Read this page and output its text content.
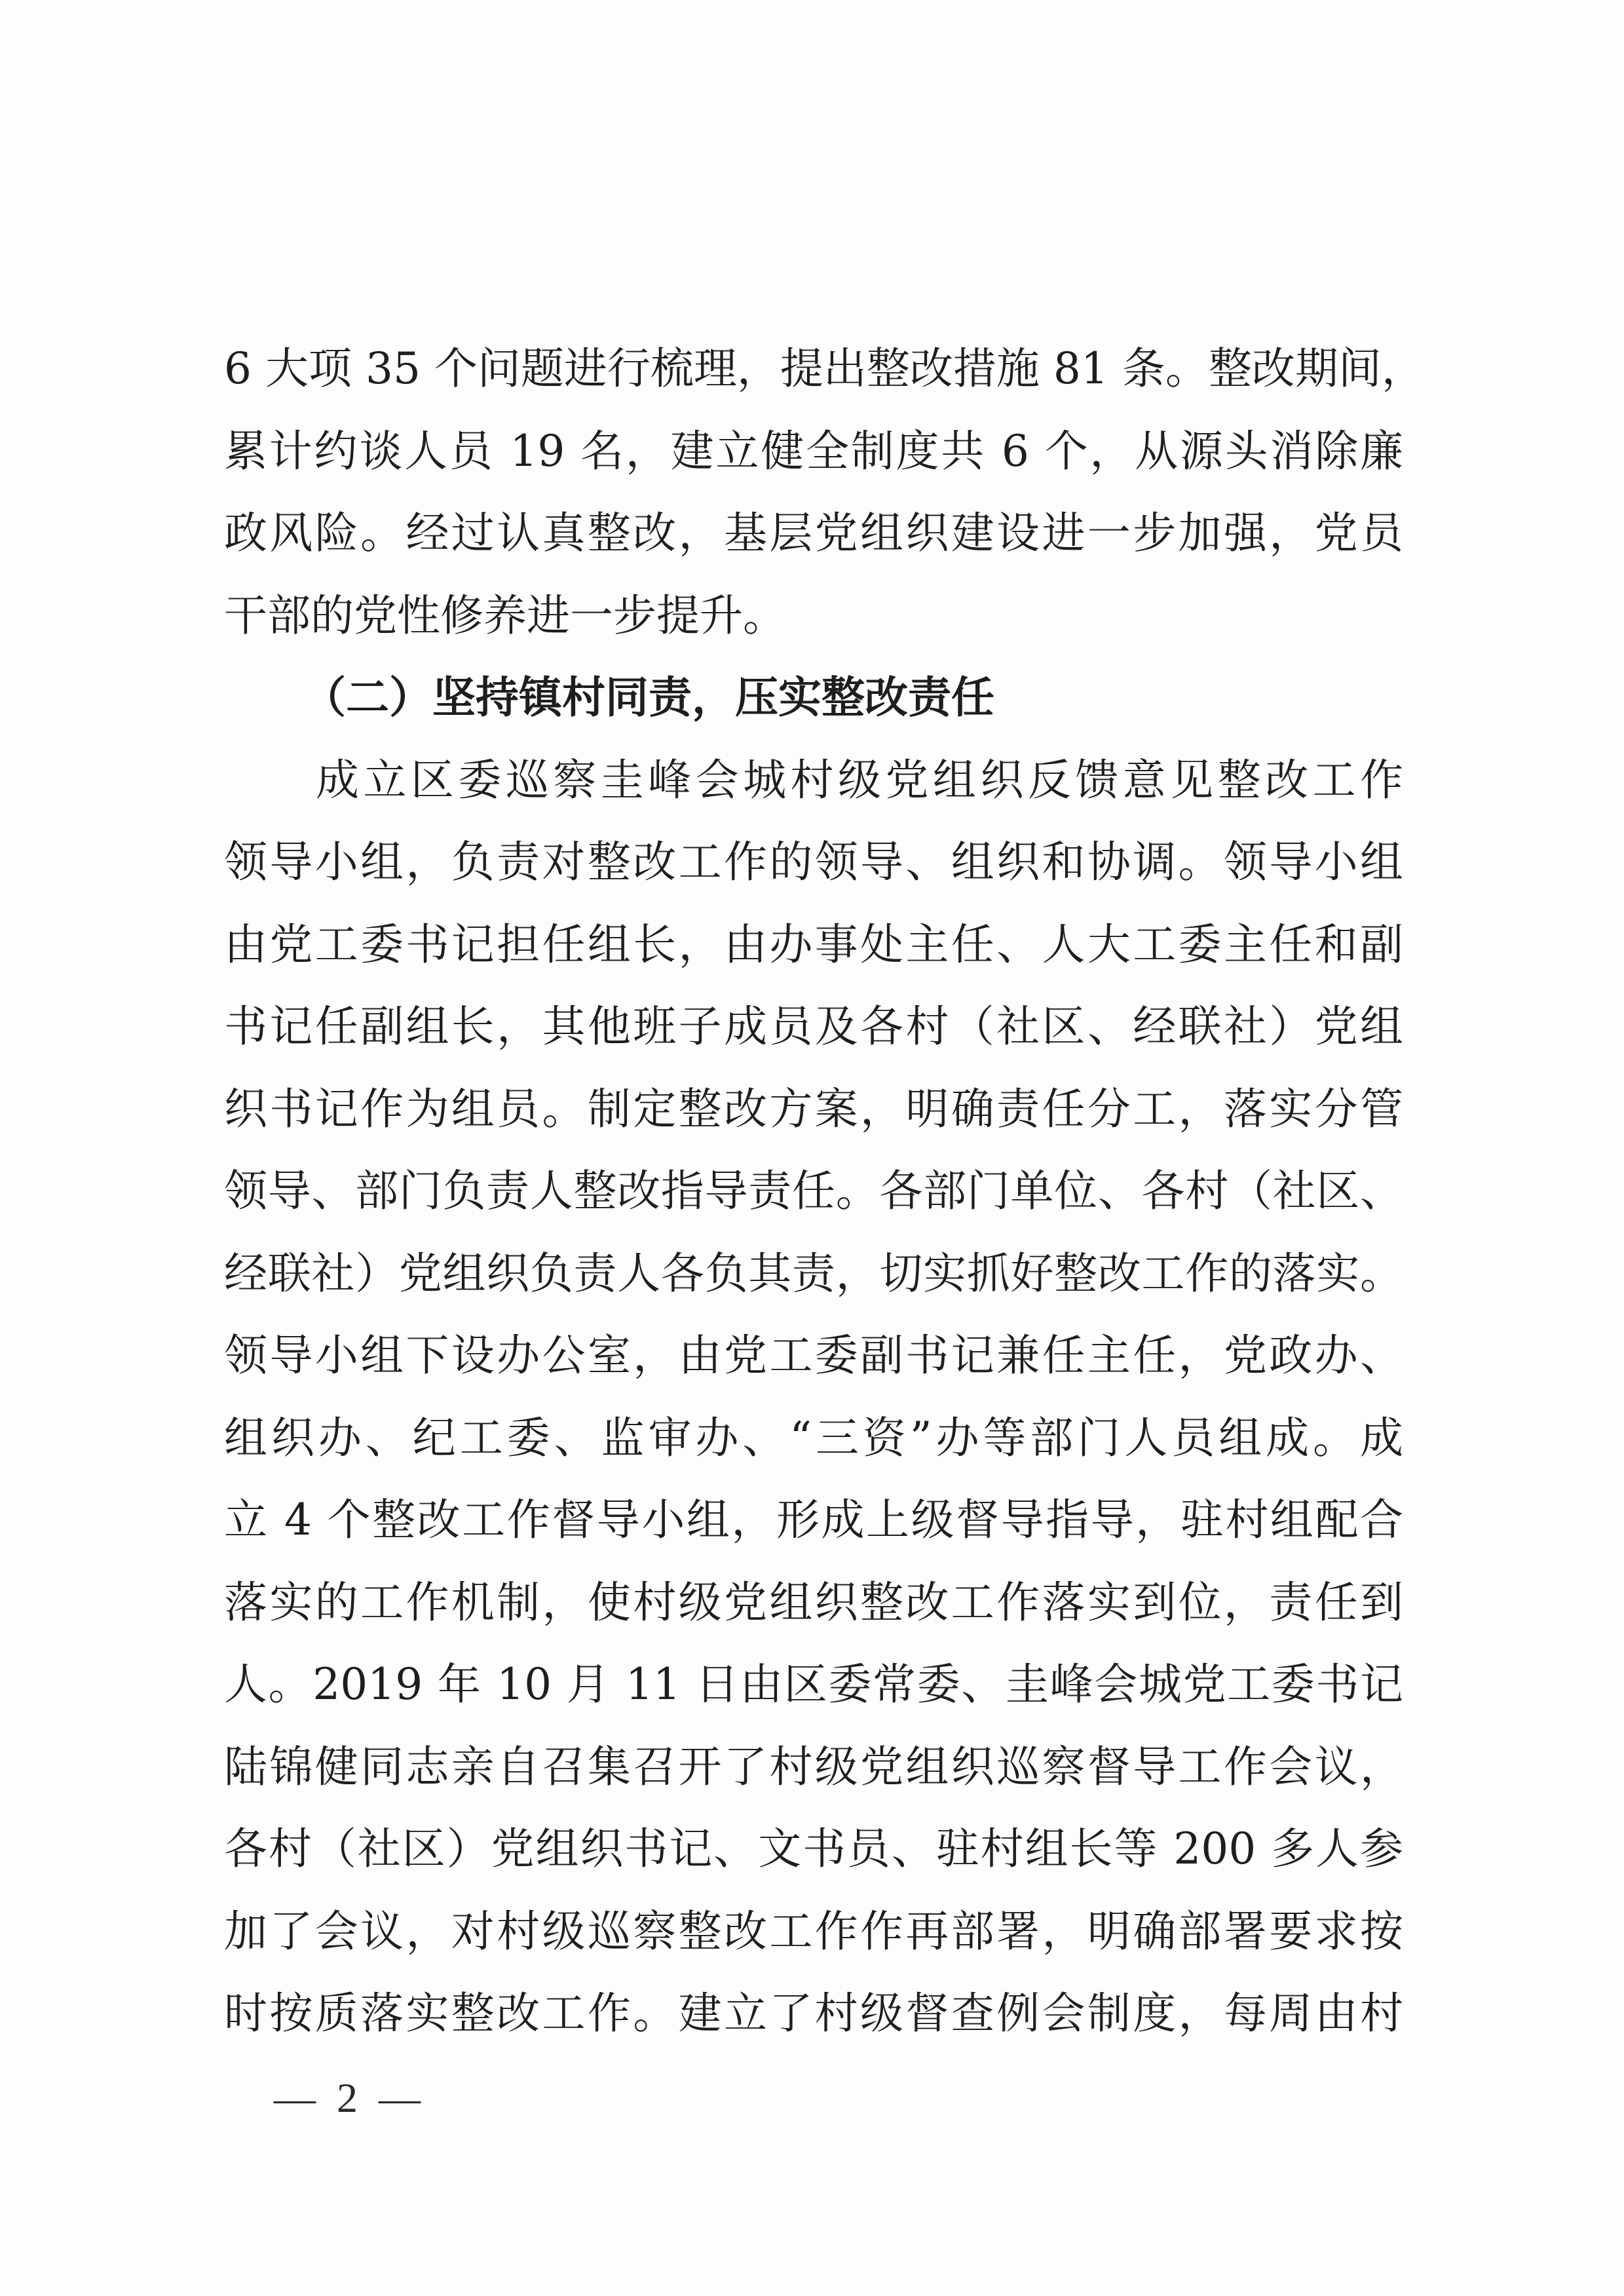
6 大项 35 个问题进行梳理，提出整改措施 81 条。整改期间，
累计约谈人员 19 名，建立健全制度共 6 个，从源头消除廉
政风险。经过认真整改，基层党组织建设进一步加强，党员
干部的党性修养进一步提升。
（二）坚持镇村同责，压实整改责任
成立区委巡察圭峰会城村级党组织反馈意见整改工作
领导小组，负责对整改工作的领导、组织和协调。领导小组
由党工委书记担任组长，由办事处主任、人大工委主任和副
书记任副组长，其他班子成员及各村（社区、经联社）党组
织书记作为组员。制定整改方案，明确责任分工，落实分管
领导、部门负责人整改指导责任。各部门单位、各村（社区、
经联社）党组织负责人各负其责，切实抓好整改工作的落实。
领导小组下设办公室，由党工委副书记兼任主任，党政办、
组织办、纪工委、监审办、“三资”办等部门人员组成。成
立 4 个整改工作督导小组，形成上级督导指导，驻村组配合
落实的工作机制，使村级党组织整改工作落实到位，责任到
人。2019 年 10 月 11 日由区委常委、圭峰会城党工委书记
陆锦健同志亲自召集召开了村级党组织巡察督导工作会议，
各村（社区）党组织书记、文书员、驻村组长等 200 多人参
加了会议，对村级巡察整改工作作再部署，明确部署要求按
时按质落实整改工作。建立了村级督查例会制度，每周由村
—  2  —
